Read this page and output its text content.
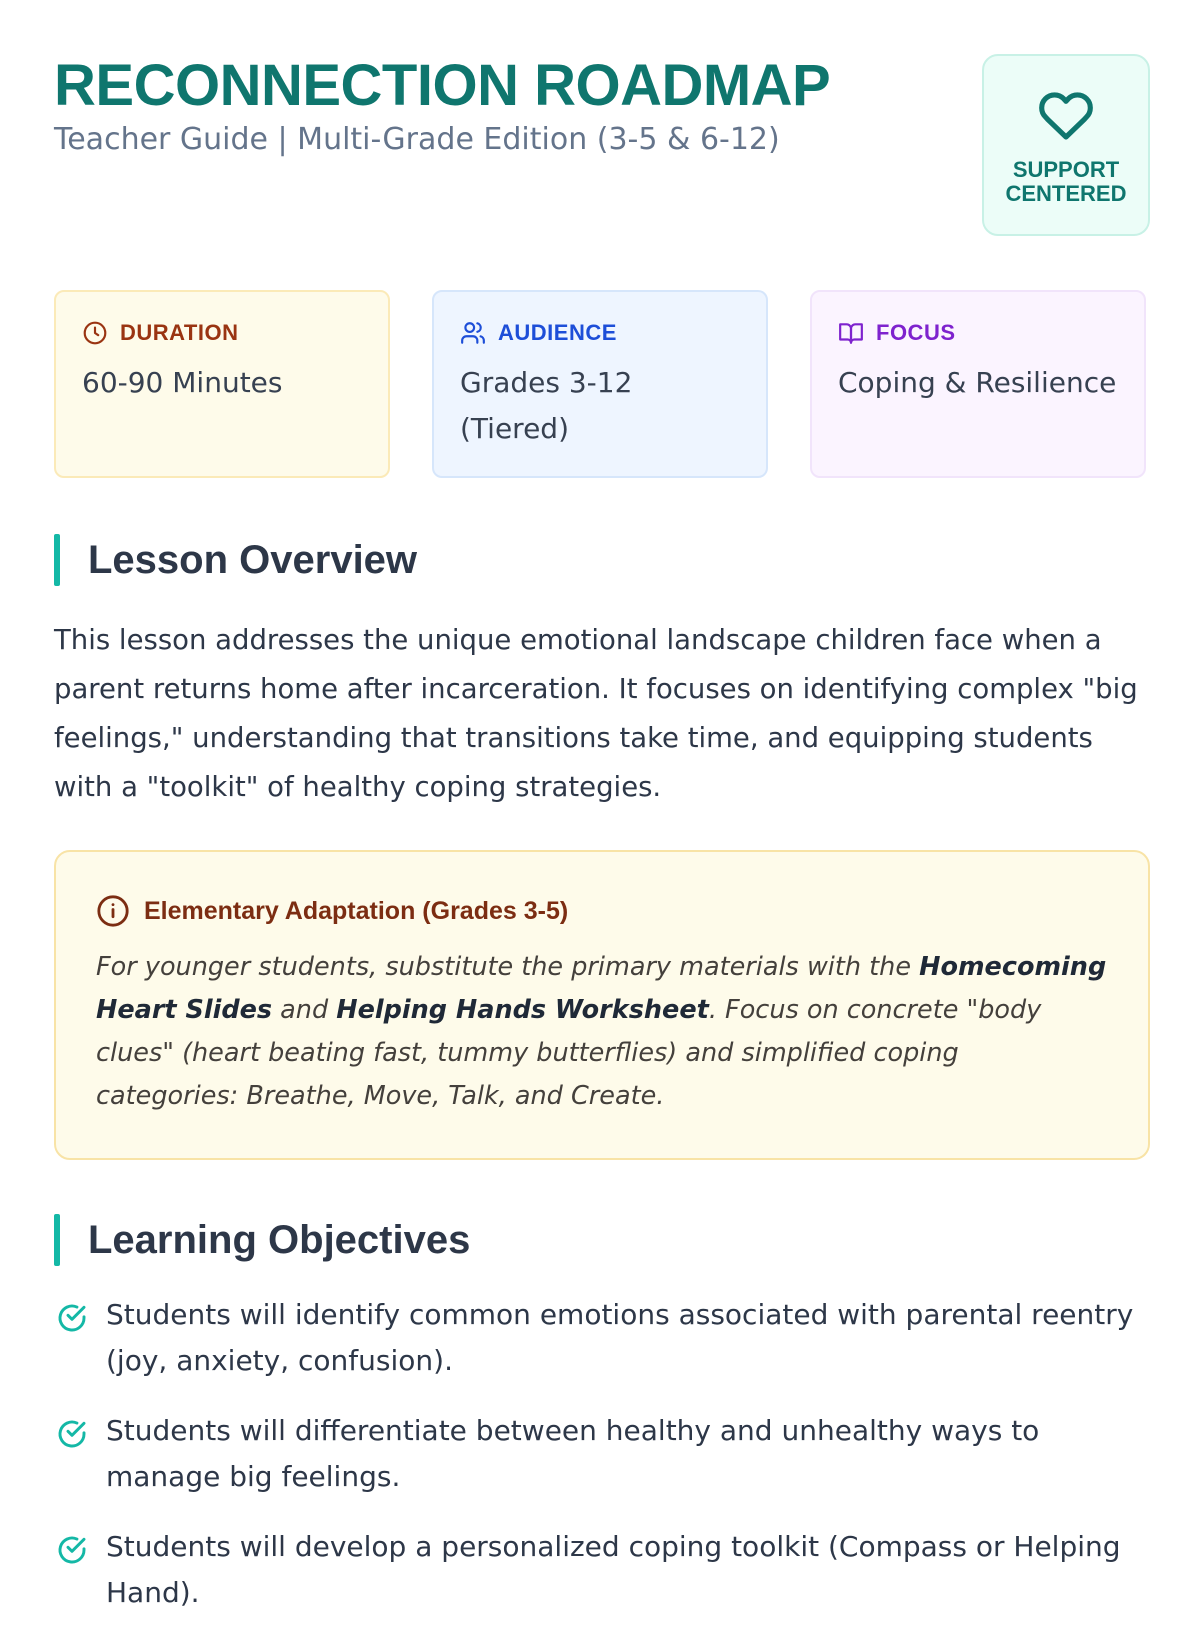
RECONNECTION ROADMAP
Teacher Guide | Multi-Grade Edition (3-5 & 6-12)
SUPPORT
CENTERED
DURATION
60-90 Minutes
AUDIENCE
Grades 3-12
(Tiered)
FOCUS
Coping & Resilience
Lesson Overview

This lesson addresses the unique emotional landscape children face when a parent returns home after incarceration. It focuses on identifying complex "big feelings," understanding that transitions take time, and equipping students with a "toolkit" of healthy coping strategies.

Elementary Adaptation (Grades 3-5)
For younger students, substitute the primary materials with the Homecoming Heart Slides and Helping Hands Worksheet. Focus on concrete "body clues" (heart beating fast, tummy butterflies) and simplified coping categories: Breathe, Move, Talk, and Create.
Learning Objectives
Students will identify common emotions associated with parental reentry (joy, anxiety, confusion).
Students will differentiate between healthy and unhealthy ways to manage big feelings.
Students will develop a personalized coping toolkit (Compass or Helping Hand).
